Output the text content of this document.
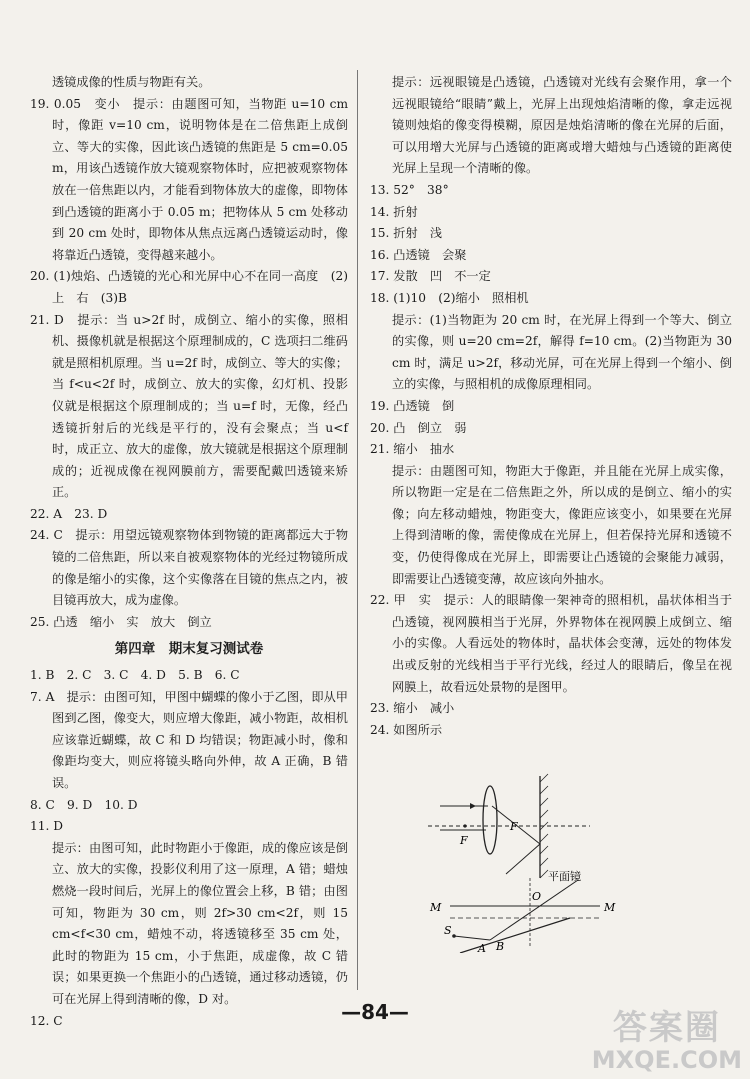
透镜成像的性质与物距有关。
19. 0.05　变小　提示：由题图可知，当物距 u=10 cm 时，像距 v=10 cm，说明物体是在二倍焦距上成倒立、等大的实像，因此该凸透镜的焦距是 5 cm=0.05 m，用该凸透镜作放大镜观察物体时，应把被观察物体放在一倍焦距以内，才能看到物体放大的虚像，即物体到凸透镜的距离小于 0.05 m；把物体从 5 cm 处移动到 20 cm 处时，即物体从焦点远离凸透镜运动时，像将靠近凸透镜，变得越来越小。
20. (1)烛焰、凸透镜的光心和光屏中心不在同一高度　(2)上　右　(3)B
21. D　提示：当 u>2f 时，成倒立、缩小的实像，照相机、摄像机就是根据这个原理制成的，C 选项扫二维码就是照相机原理。当 u=2f 时，成倒立、等大的实像；当 f<u<2f 时，成倒立、放大的实像，幻灯机、投影仪就是根据这个原理制成的；当 u=f 时，无像，经凸透镜折射后的光线是平行的，没有会聚点；当 u<f 时，成正立、放大的虚像，放大镜就是根据这个原理制成的；近视成像在视网膜前方，需要配戴凹透镜来矫正。
22. A　23. D
24. C　提示：用望远镜观察物体到物镜的距离都远大于物镜的二倍焦距，所以来自被观察物体的光经过物镜所成的像是缩小的实像，这个实像落在目镜的焦点之内，被目镜再放大，成为虚像。
25. 凸透　缩小　实　放大　倒立
第四章　期末复习测试卷
1. B　2. C　3. C　4. D　5. B　6. C
7. A　提示：由图可知，甲图中蝴蝶的像小于乙图，即从甲图到乙图，像变大，则应增大像距，减小物距，故相机应该靠近蝴蝶，故 C 和 D 均错误；物距减小时，像和像距均变大，则应将镜头略向外伸，故 A 正确，B 错误。
8. C　9. D　10. D
11. D
提示：由图可知，此时物距小于像距，成的像应该是倒立、放大的实像，投影仪利用了这一原理，A 错；蜡烛燃烧一段时间后，光屏上的像位置会上移，B 错；由图可知，物距为 30 cm，则 2f>30 cm<2f，则 15 cm<f<30 cm，蜡烛不动，将透镜移至 35 cm 处，此时的物距为 15 cm，小于焦距，成虚像，故 C 错误；如果更换一个焦距小的凸透镜，通过移动透镜，仍可在光屏上得到清晰的像，D 对。
12. C
提示：远视眼镜是凸透镜，凸透镜对光线有会聚作用，拿一个远视眼镜给“眼睛”戴上，光屏上出现烛焰清晰的像，拿走远视镜则烛焰的像变得模糊，原因是烛焰清晰的像在光屏的后面，可以用增大光屏与凸透镜的距离或增大蜡烛与凸透镜的距离使光屏上呈现一个清晰的像。
13. 52°　38°
14. 折射
15. 折射　浅
16. 凸透镜　会聚
17. 发散　凹　不一定
18. (1)10　(2)缩小　照相机
提示：(1)当物距为 20 cm 时，在光屏上得到一个等大、倒立的实像，则 u=20 cm=2f，解得 f=10 cm。(2)当物距为 30 cm 时，满足 u>2f，移动光屏，可在光屏上得到一个缩小、倒立的实像，与照相机的成像原理相同。
19. 凸透镜　倒
20. 凸　倒立　弱
21. 缩小　抽水
提示：由题图可知，物距大于像距，并且能在光屏上成实像，所以物距一定是在二倍焦距之外，所以成的是倒立、缩小的实像；向左移动蜡烛，物距变大，像距应该变小，如果要在光屏上得到清晰的像，需使像成在光屏上，但若保持光屏和透镜不变，仍使得像成在光屏上，即需要让凸透镜的会聚能力减弱，即需要让凸透镜变薄，故应该向外抽水。
22. 甲　实　提示：人的眼睛像一架神奇的照相机，晶状体相当于凸透镜，视网膜相当于光屏，外界物体在视网膜上成倒立、缩小的实像。人看远处的物体时，晶状体会变薄，远处的物体发出或反射的光线相当于平行光线，经过人的眼睛后，像呈在视网膜上，故看远处景物的是图甲。
23. 缩小　减小
24. 如图所示
F
F
平面镜
M	M
O
S
A B
—84—	答案圈
MXQE.COM
